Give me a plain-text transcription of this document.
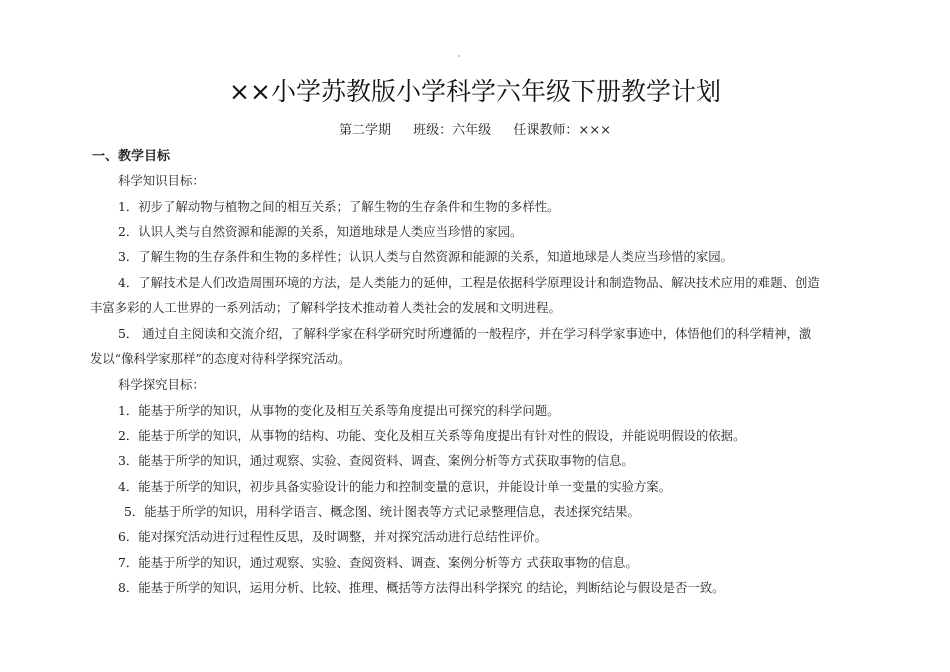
××小学苏教版小学科学六年级下册教学计划
第二学期 班级：六年级 任课教师：×××
一、教学目标
科学知识目标：
1．初步了解动物与植物之间的相互关系；了解生物的生存条件和生物的多样性。
2．认识人类与自然资源和能源的关系，知道地球是人类应当珍惜的家园。
3．了解生物的生存条件和生物的多样性；认识人类与自然资源和能源的关系，知道地球是人类应当珍惜的家园。
4．了解技术是人们改造周围环境的方法，是人类能力的延伸，工程是依据科学原理设计和制造物品、解决技术应用的难题、创造
丰富多彩的人工世界的一系列活动；了解科学技术推动着人类社会的发展和文明进程。
5． 通过自主阅读和交流介绍，了解科学家在科学研究时所遵循的一般程序，并在学习科学家事迹中，体悟他们的科学精神，激
发以“像科学家那样”的态度对待科学探究活动。
科学探究目标：
1．能基于所学的知识，从事物的变化及相互关系等角度提出可探究的科学问题。
2．能基于所学的知识，从事物的结构、功能、变化及相互关系等角度提出有针对性的假设，并能说明假设的依据。
3．能基于所学的知识，通过观察、实验、查阅资料、调查、案例分析等方式获取事物的信息。
4．能基于所学的知识，初步具备实验设计的能力和控制变量的意识，并能设计单一变量的实验方案。
5．能基于所学的知识，用科学语言、概念图、统计图表等方式记录整理信息，表述探究结果。
6．能对探究活动进行过程性反思，及时调整，并对探究活动进行总结性评价。
7．能基于所学的知识，通过观察、实验、查阅资料、调查、案例分析等方 式获取事物的信息。
8．能基于所学的知识，运用分析、比较、推理、概括等方法得出科学探究 的结论，判断结论与假设是否一致。
